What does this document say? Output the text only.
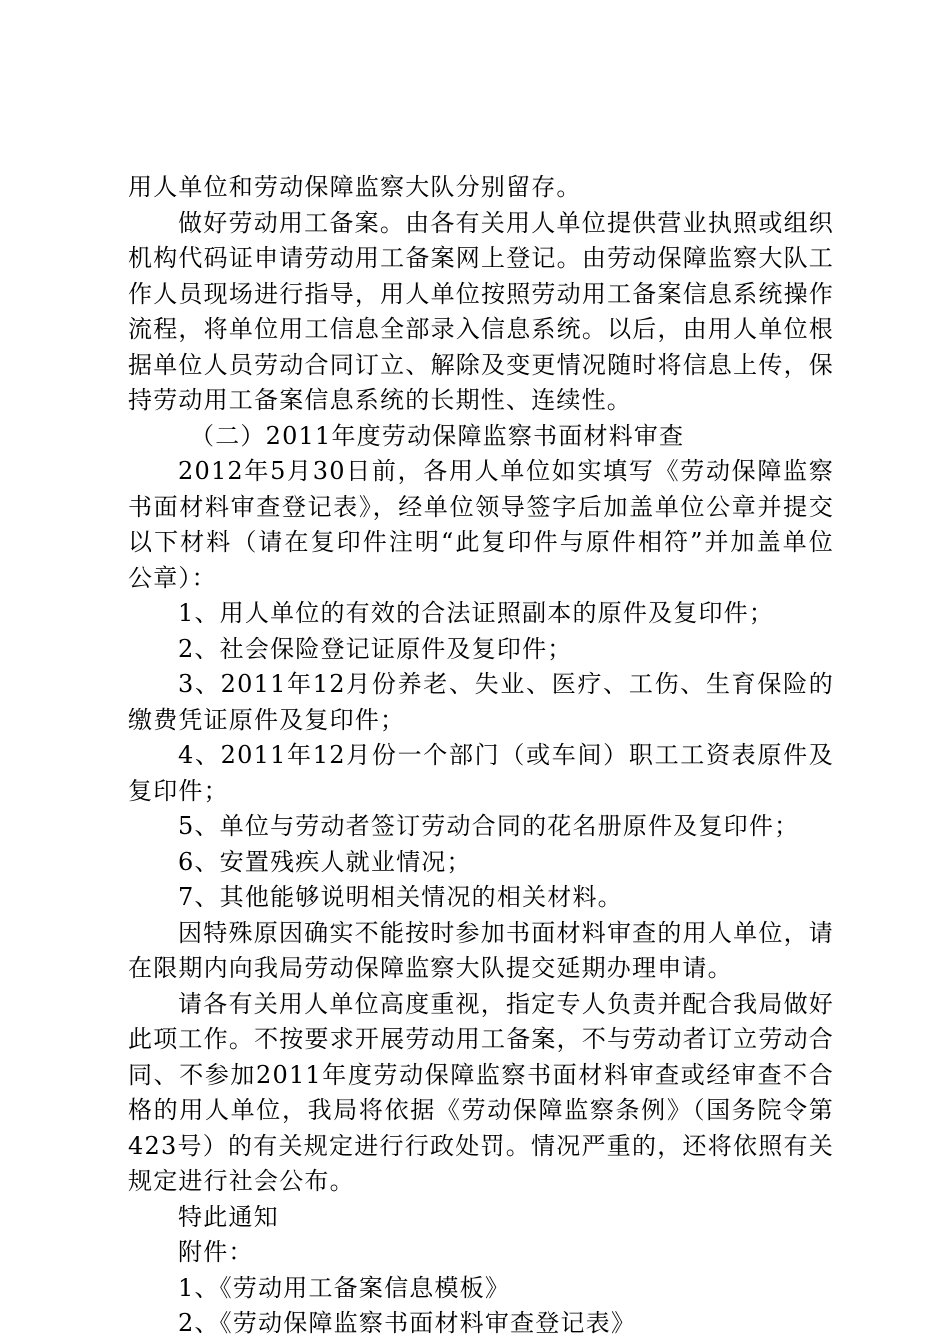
用人单位和劳动保障监察大队分别留存。

做好劳动用工备案。由各有关用人单位提供营业执照或组织机构代码证申请劳动用工备案网上登记。由劳动保障监察大队工作人员现场进行指导，用人单位按照劳动用工备案信息系统操作流程，将单位用工信息全部录入信息系统。以后，由用人单位根据单位人员劳动合同订立、解除及变更情况随时将信息上传，保持劳动用工备案信息系统的长期性、连续性。

（二）2011年度劳动保障监察书面材料审查

2012年5月30日前，各用人单位如实填写《劳动保障监察书面材料审查登记表》，经单位领导签字后加盖单位公章并提交以下材料（请在复印件注明“此复印件与原件相符”并加盖单位公章）：

1、用人单位的有效的合法证照副本的原件及复印件；

2、社会保险登记证原件及复印件；

3、2011年12月份养老、失业、医疗、工伤、生育保险的缴费凭证原件及复印件；

4、2011年12月份一个部门（或车间）职工工资表原件及复印件；

5、单位与劳动者签订劳动合同的花名册原件及复印件；

6、安置残疾人就业情况；

7、其他能够说明相关情况的相关材料。

因特殊原因确实不能按时参加书面材料审查的用人单位，请在限期内向我局劳动保障监察大队提交延期办理申请。

请各有关用人单位高度重视，指定专人负责并配合我局做好此项工作。不按要求开展劳动用工备案，不与劳动者订立劳动合同、不参加2011年度劳动保障监察书面材料审查或经审查不合格的用人单位，我局将依据《劳动保障监察条例》（国务院令第423号）的有关规定进行行政处罚。情况严重的，还将依照有关规定进行社会公布。

特此通知

附件：

1、《劳动用工备案信息模板》

2、《劳动保障监察书面材料审查登记表》
